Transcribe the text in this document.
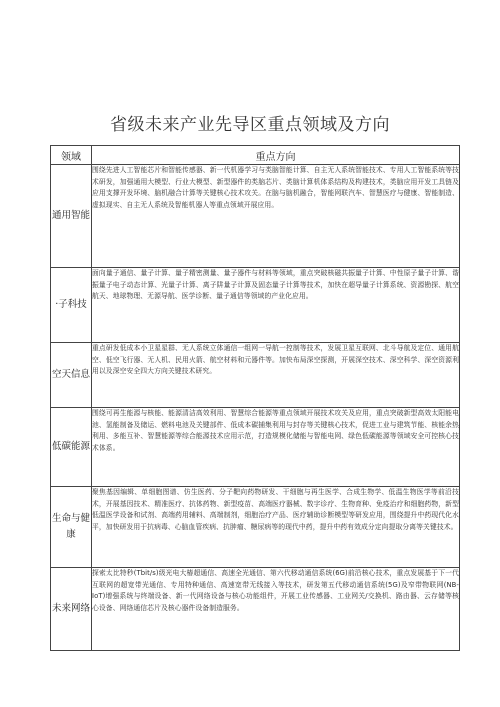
省级未来产业先导区重点领域及方向
领域	重点方向
通用智能	围绕先进人工智能芯片和智能传感器、新一代机器学习与类脑智能计算、自主无人系统智能技术、专用人工智能系统等技术研发，加强通用大模型、行业大模型、新型器件的类脑芯片、类脑计算机体系结构及构建技术，类脑应用开发工具链及应用支撑开发环境、脑机融合计算等关键核心技术攻关。在脑与脑机融合，智能网联汽车、智慧医疗与健康、智能制造、虚拟现实、自主无人系统及智能机器人等重点领域开展应用。
·子科技	面向量子通信、量子计算、量子精密测量、量子器件与材料等领域，重点突破核磁共振量子计算、中性原子量子计算、谐振量子电子动态计算、光量子计算、离子阱量子计算及固态量子计算等技术，加快在超导量子计算系统、资源勘探、航空航天、地球物理、无源导航、医学诊断、量子通信等领域的产业化应用。
空天信息	重点研发低成本小卫星星群、无人系统立体通信一组网一导航一控制等技术，发展卫星互联网、北斗导航及定位、通用航空、低空飞行器、无人机、民用火箭、航空材料和元器件等。加快布局深空探测，开展深空技术、深空科学、深空资源利用以及深空安全四大方向关键技术研究。
低碳能源	围绕可再生能源与核能、能源清洁高效利用、智慧综合能源等重点领域开展技术攻关及应用，重点突破新型高效太阳能电池、氢能制备及储运、燃料电池及关键部件、低成本碳捕集利用与封存等关键核心技术，促进工业与建筑节能、核能余热利用、多能互补、智慧能源等综合能源技术应用示范，打造规模化储能与智能电网、绿色低碳能源等领域安全可控核心技术体系。
生命与健康	聚焦基因编辑、单细胞图谱、仿生医药、分子靶向药物研发、干细胞与再生医学、合成生物学、低温生物医学等前沿技术，开展基因技术、精准医疗、抗体药物、新型疫苗、高端医疗器械、数字诊疗、生物育种、免疫治疗和细胞药物，新型低温医学设备和试剂、高端药用辅料、高端制剂，细胞治疗产品、医疗辅助诊断模型等研发应用，围绕提升中药现代化水平，加快研发用于抗病毒、心脑血管疾病、抗肿瘤、糖尿病等的现代中药，提升中药有效成分定向提取分离等关键技术。
未来网络	探索太比特秒(Tbit/s)级光电大椿超通信、高速全光通信、第六代移动通信系统(6G)前沿核心技术，重点发展基于下一代互联网的超宽带光通信、专用特种通信、高速宽带无线接入等技术，研发第五代移动通信系统(5G)及窄带物联网(NB-IoT)增强系统与终端设备、新一代网络设备与核心功能组件，开展工业传感器、工业网关/交换机、路由器、云存储等核心设备、网络通信芯片及核心器件设备制造服务。
